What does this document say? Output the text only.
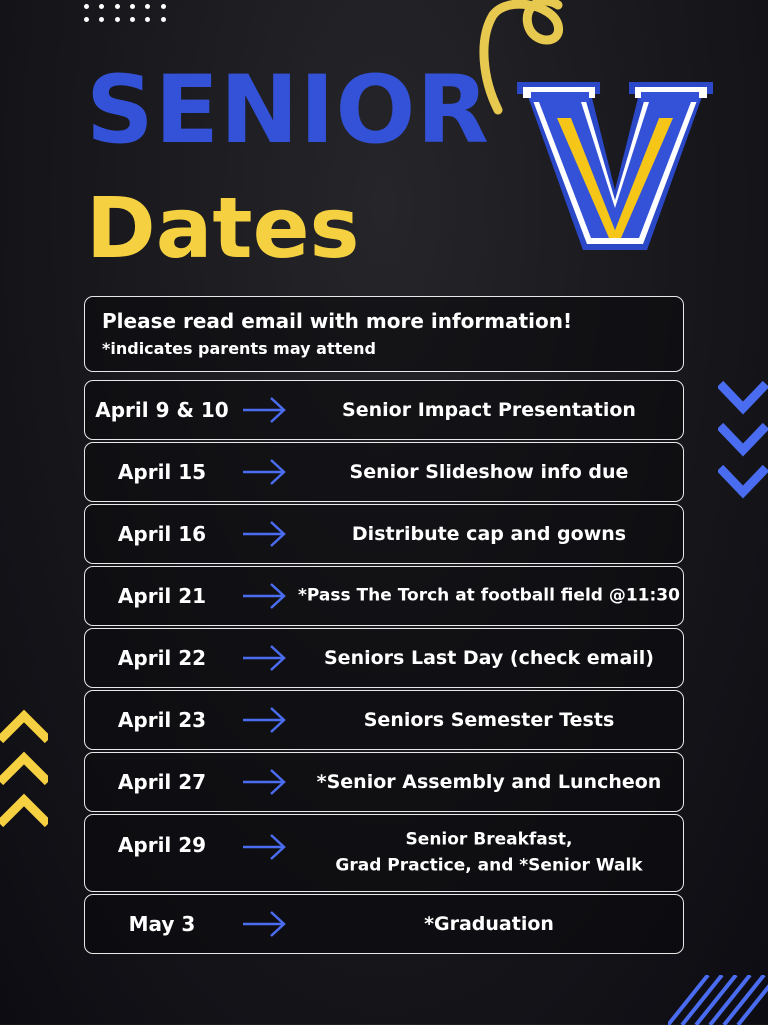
SENIOR
Dates
Please read email with more information!
*indicates parents may attend
April 9 & 10	Senior Impact Presentation
April 15	Senior Slideshow info due
April 16	Distribute cap and gowns
April 21	*Pass The Torch at football field @11:30
April 22	Seniors Last Day (check email)
April 23	Seniors Semester Tests
April 27	*Senior Assembly and Luncheon
April 29	Senior Breakfast,
Grad Practice, and *Senior Walk
May 3	*Graduation
